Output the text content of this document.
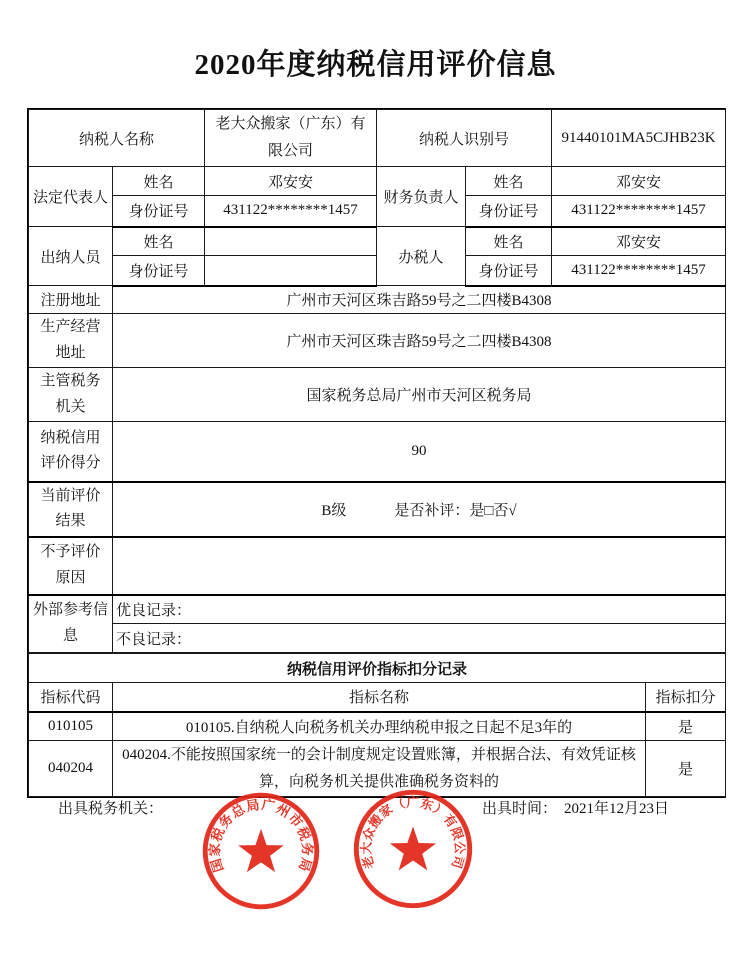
2020年度纳税信用评价信息
纳税人名称		老大众搬家（广东）有限公司	纳税人识别号		91440101MA5CJHB23K
法定代表人	姓名	邓安安	财务负责人	姓名	邓安安
	身份证号	431122********1457		身份证号	431122********1457
出纳人员	姓名		办税人	姓名	邓安安
	身份证号			身份证号	431122********1457
注册地址	广州市天河区珠吉路59号之二四楼B4308				
生产经营地址	广州市天河区珠吉路59号之二四楼B4308				
主管税务机关	国家税务总局广州市天河区税务局				
纳税信用评价得分	90				
当前评价结果	B级 是否补评：是□否√				
不予评价原因					
外部参考信息	优良记录：				
	不良记录：				
纳税信用评价指标扣分记录		
指标代码	指标名称	指标扣分
010105	010105.自纳税人向税务机关办理纳税申报之日起不足3年的	是
040204	040204.不能按照国家统一的会计制度规定设置账簿，并根据合法、有效凭证核算，向税务机关提供准确税务资料的	是
出具税务机关：	出具时间： 2021年12月23日
国家税务总局广州市税务局	老大众搬家（广东）有限公司
